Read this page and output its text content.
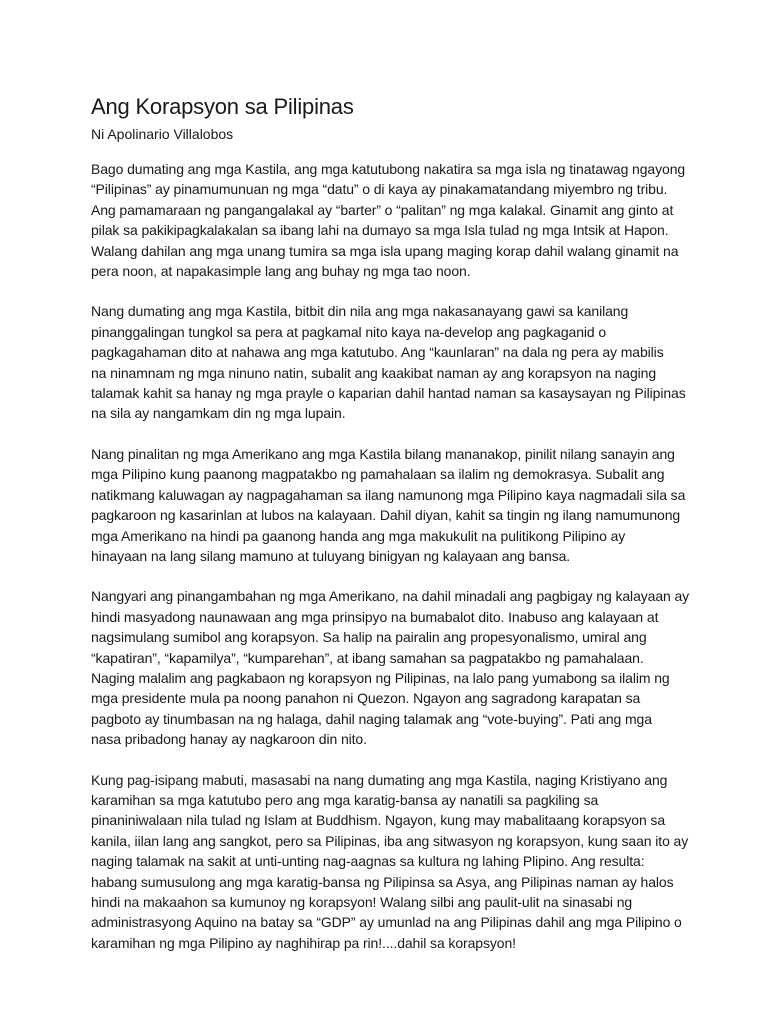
Ang Korapsyon sa Pilipinas
Ni Apolinario Villalobos
Bago dumating ang mga Kastila, ang mga katutubong nakatira sa mga isla ng tinatawag ngayong
“Pilipinas” ay pinamumunuan ng mga “datu” o di kaya ay pinakamatandang miyembro ng tribu.
Ang pamamaraan ng pangangalakal ay “barter” o “palitan” ng mga kalakal. Ginamit ang ginto at
pilak sa pakikipagkalakalan sa ibang lahi na dumayo sa mga Isla tulad ng mga Intsik at Hapon.
Walang dahilan ang mga unang tumira sa mga isla upang maging korap dahil walang ginamit na
pera noon, at napakasimple lang ang buhay ng mga tao noon.
Nang dumating ang mga Kastila, bitbit din nila ang mga nakasanayang gawi sa kanilang
pinanggalingan tungkol sa pera at pagkamal nito kaya na-develop ang pagkaganid o
pagkagahaman dito at nahawa ang mga katutubo. Ang “kaunlaran” na dala ng pera ay mabilis
na ninamnam ng mga ninuno natin, subalit ang kaakibat naman ay ang korapsyon na naging
talamak kahit sa hanay ng mga prayle o kaparian dahil hantad naman sa kasaysayan ng Pilipinas
na sila ay nangamkam din ng mga lupain.
Nang pinalitan ng mga Amerikano ang mga Kastila bilang mananakop, pinilit nilang sanayin ang
mga Pilipino kung paanong magpatakbo ng pamahalaan sa ilalim ng demokrasya. Subalit ang
natikmang kaluwagan ay nagpagahaman sa ilang namunong mga Pilipino kaya nagmadali sila sa
pagkaroon ng kasarinlan at lubos na kalayaan. Dahil diyan, kahit sa tingin ng ilang namumunong
mga Amerikano na hindi pa gaanong handa ang mga makukulit na pulitikong Pilipino ay
hinayaan na lang silang mamuno at tuluyang binigyan ng kalayaan ang bansa.
Nangyari ang pinangambahan ng mga Amerikano, na dahil minadali ang pagbigay ng kalayaan ay
hindi masyadong naunawaan ang mga prinsipyo na bumabalot dito. Inabuso ang kalayaan at
nagsimulang sumibol ang korapsyon. Sa halip na pairalin ang propesyonalismo, umiral ang
“kapatiran”, “kapamilya”, “kumparehan”, at ibang samahan sa pagpatakbo ng pamahalaan.
Naging malalim ang pagkabaon ng korapsyon ng Pilipinas, na lalo pang yumabong sa ilalim ng
mga presidente mula pa noong panahon ni Quezon. Ngayon ang sagradong karapatan sa
pagboto ay tinumbasan na ng halaga, dahil naging talamak ang “vote-buying”. Pati ang mga
nasa pribadong hanay ay nagkaroon din nito.
Kung pag-isipang mabuti, masasabi na nang dumating ang mga Kastila, naging Kristiyano ang
karamihan sa mga katutubo pero ang mga karatig-bansa ay nanatili sa pagkiling sa
pinaniniwalaan nila tulad ng Islam at Buddhism. Ngayon, kung may mabalitaang korapsyon sa
kanila, iilan lang ang sangkot, pero sa Pilipinas, iba ang sitwasyon ng korapsyon, kung saan ito ay
naging talamak na sakit at unti-unting nag-aagnas sa kultura ng lahing Plipino. Ang resulta:
habang sumusulong ang mga karatig-bansa ng Pilipinsa sa Asya, ang Pilipinas naman ay halos
hindi na makaahon sa kumunoy ng korapsyon! Walang silbi ang paulit-ulit na sinasabi ng
administrasyong Aquino na batay sa “GDP” ay umunlad na ang Pilipinas dahil ang mga Pilipino o
karamihan ng mga Pilipino ay naghihirap pa rin!....dahil sa korapsyon!
